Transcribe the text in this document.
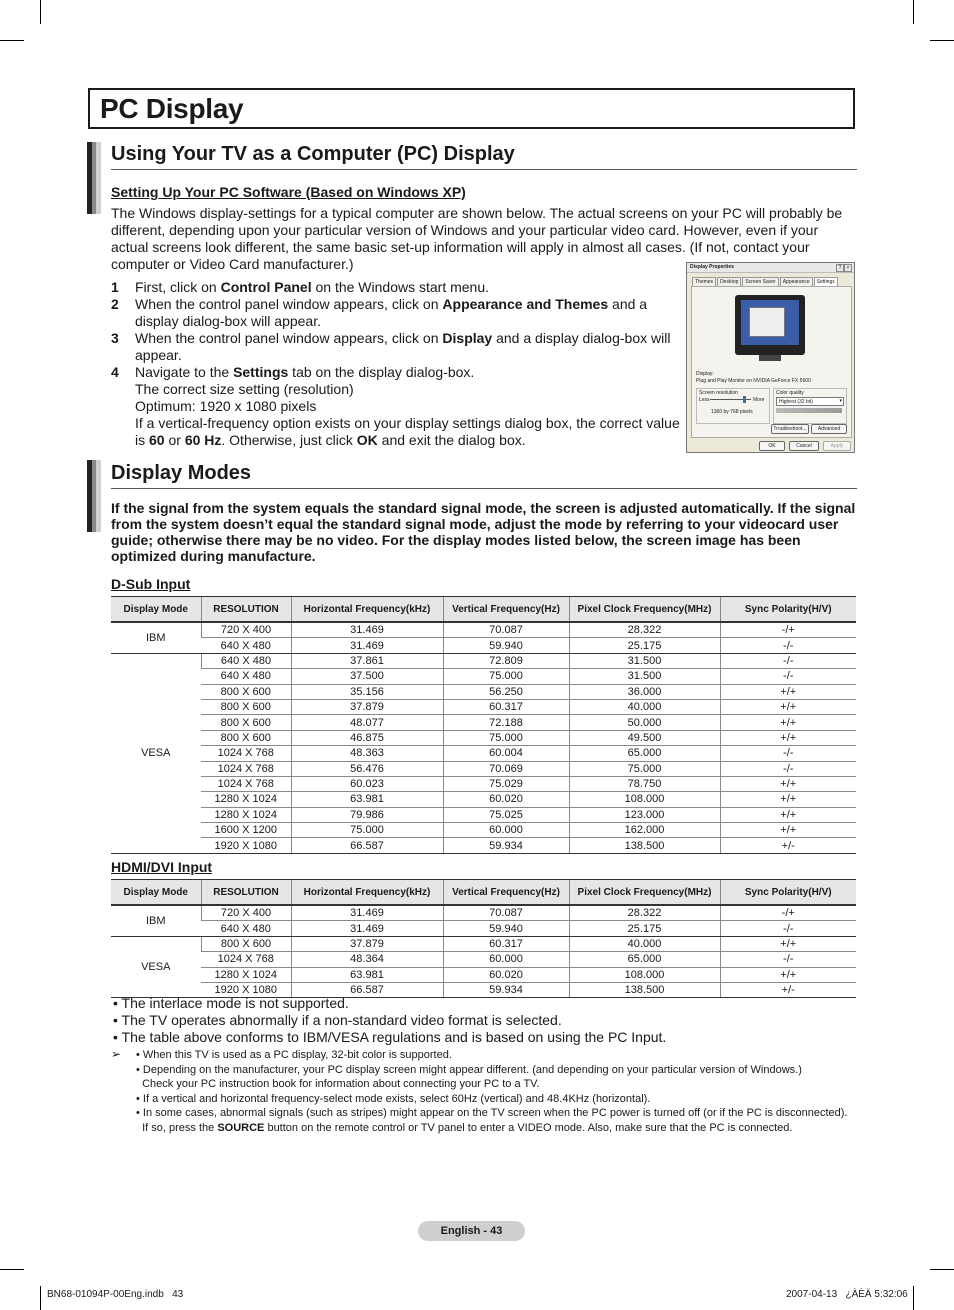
PC Display
Using Your TV as a Computer (PC) Display
Setting Up Your PC Software (Based on Windows XP)
The Windows display-settings for a typical computer are shown below. The actual screens on your PC will probably be different, depending upon your particular version of Windows and your particular video card. However, even if your actual screens look different, the same basic set-up information will apply in almost all cases. (If not, contact your computer or Video Card manufacturer.)
1 First, click on Control Panel on the Windows start menu.
2 When the control panel window appears, click on Appearance and Themes and a
display dialog-box will appear.
3 When the control panel window appears, click on Display and a display dialog-box will
appear.
4 Navigate to the Settings tab on the display dialog-box.
The correct size setting (resolution)
Optimum: 1920 x 1080 pixels
If a vertical-frequency option exists on your display settings dialog box, the correct value
is 60 or 60 Hz. Otherwise, just click OK and exit the dialog box.
Display Properties	?	×
Themes	Desktop	Screen Saver	Appearance	Settings
Display:
Plug and Play Monitor on NVIDIA GeForce FX 5600
Screen resolution
Less	More
1360 by 768 pixels
Color quality
Highest (32 bit)	▾
Troubleshoot...	Advanced
OK	Cancel	Apply
Display Modes
If the signal from the system equals the standard signal mode, the screen is adjusted automatically. If the signal from the system doesn’t equal the standard signal mode, adjust the mode by referring to your videocard user guide; otherwise there may be no video. For the display modes listed below, the screen image has been optimized during manufacture.
D-Sub Input
Display Mode	RESOLUTION	Horizontal Frequency(kHz)	Vertical Frequency(Hz)	Pixel Clock Frequency(MHz)	Sync Polarity(H/V)
IBM	720 X 400	31.469	70.087	28.322	-/+
	640 X 480	31.469	59.940	25.175	-/-
VESA	640 X 480	37.861	72.809	31.500	-/-
	640 X 480	37.500	75.000	31.500	-/-
	800 X 600	35.156	56.250	36.000	+/+
	800 X 600	37.879	60.317	40.000	+/+
	800 X 600	48.077	72.188	50.000	+/+
	800 X 600	46.875	75.000	49.500	+/+
	1024 X 768	48.363	60.004	65.000	-/-
	1024 X 768	56.476	70.069	75.000	-/-
	1024 X 768	60.023	75.029	78.750	+/+
	1280 X 1024	63.981	60.020	108.000	+/+
	1280 X 1024	79.986	75.025	123.000	+/+
	1600 X 1200	75.000	60.000	162.000	+/+
	1920 X 1080	66.587	59.934	138.500	+/-
HDMI/DVI Input
Display Mode	RESOLUTION	Horizontal Frequency(kHz)	Vertical Frequency(Hz)	Pixel Clock Frequency(MHz)	Sync Polarity(H/V)
IBM	720 X 400	31.469	70.087	28.322	-/+
	640 X 480	31.469	59.940	25.175	-/-
VESA	800 X 600	37.879	60.317	40.000	+/+
	1024 X 768	48.364	60.000	65.000	-/-
	1280 X 1024	63.981	60.020	108.000	+/+
	1920 X 1080	66.587	59.934	138.500	+/-
• The interlace mode is not supported.
• The TV operates abnormally if a non-standard video format is selected.
• The table above conforms to IBM/VESA regulations and is based on using the PC Input.
➢ • When this TV is used as a PC display, 32-bit color is supported.
• Depending on the manufacturer, your PC display screen might appear different. (and depending on your particular version of Windows.)
Check your PC instruction book for information about connecting your PC to a TV.
• If a vertical and horizontal frequency-select mode exists, select 60Hz (vertical) and 48.4KHz (horizontal).
• In some cases, abnormal signals (such as stripes) might appear on the TV screen when the PC power is turned off (or if the PC is disconnected).
If so, press the SOURCE button on the remote control or TV panel to enter a VIDEO mode. Also, make sure that the PC is connected.
English - 43
BN68-01094P-00Eng.indb   43	2007-04-13   ¿ÀÈÄ 5:32:06
